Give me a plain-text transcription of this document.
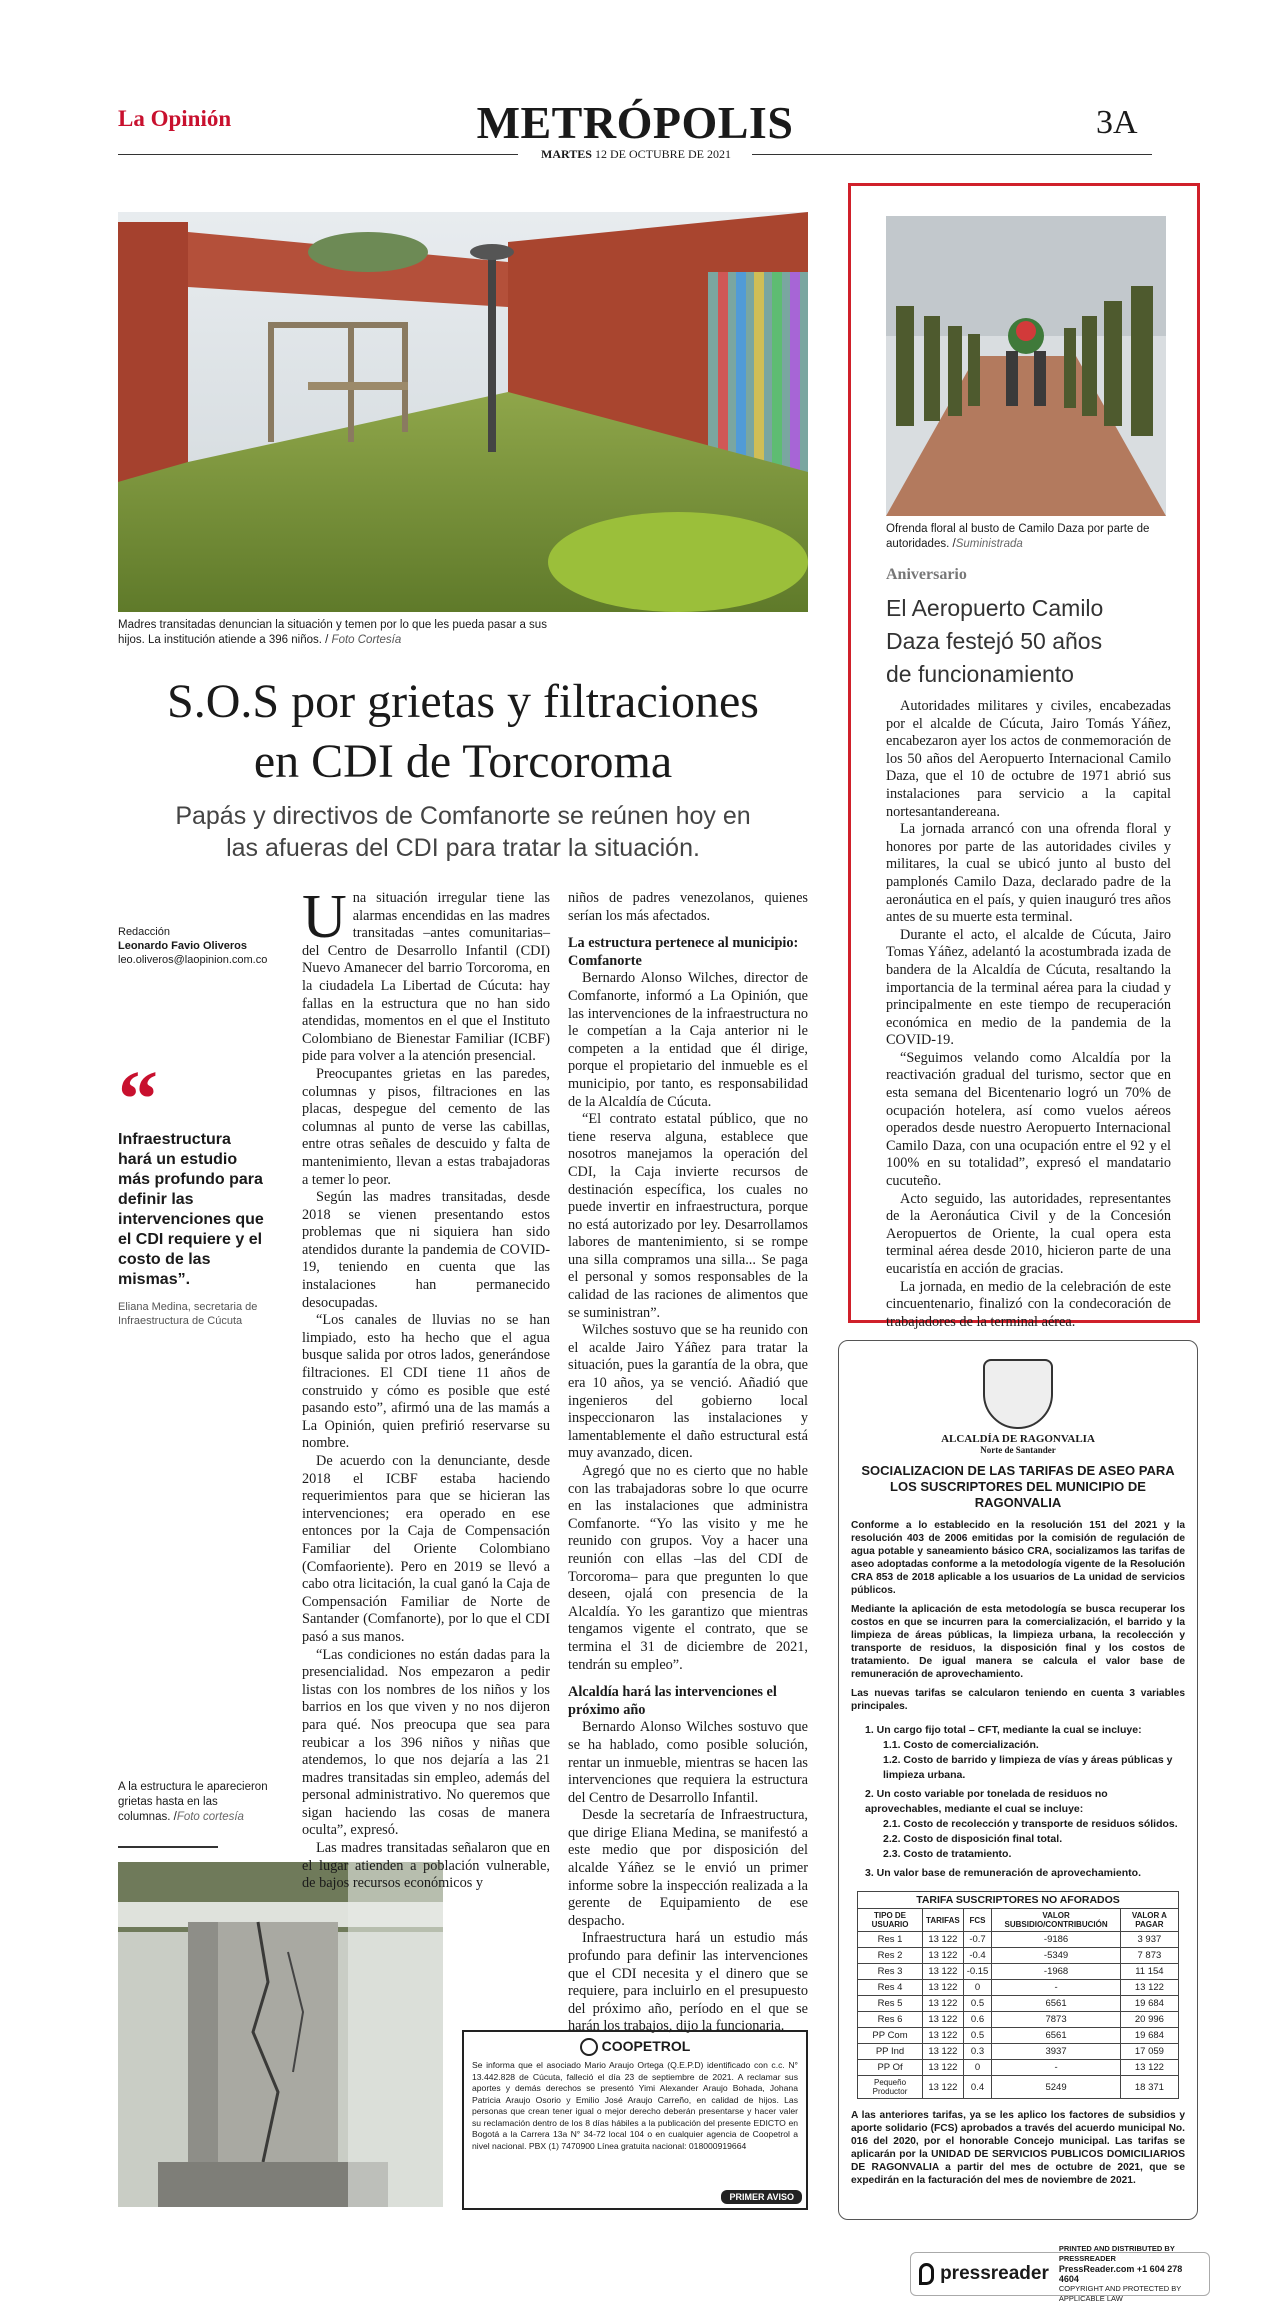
La Opinión	METRÓPOLIS
MARTES 12 DE OCTUBRE DE 2021
3A
Madres transitadas denuncian la situación y temen por lo que les pueda pasar a sus hijos. La institución atiende a 396 niños. / Foto Cortesía
S.O.S por grietas y filtraciones
en CDI de Torcoroma
Papás y directivos de Comfanorte se reúnen hoy en
las afueras del CDI para tratar la situación.
Redacción
Leonardo Favio Oliveros
leo.oliveros@laopinion.com.co
“
Infraestructura hará un estudio más profundo para definir las intervenciones que el CDI requiere y el costo de las mismas”.
Eliana Medina, secretaria de Infraestructura de Cúcuta
A la estructura le aparecieron grietas hasta en las columnas. /Foto cortesía

Una situación irregular tiene las alarmas encendidas en las madres transitadas –antes comunitarias– del Centro de Desarrollo Infantil (CDI) Nuevo Amanecer del barrio Torcoroma, en la ciudadela La Libertad de Cúcuta: hay fallas en la estructura que no han sido atendidas, momentos en el que el Instituto Colombiano de Bienestar Familiar (ICBF) pide para volver a la atención presencial.

Preocupantes grietas en las paredes, columnas y pisos, filtraciones en las placas, despegue del cemento de las columnas al punto de verse las cabillas, entre otras señales de descuido y falta de mantenimiento, llevan a estas trabajadoras a temer lo peor.

Según las madres transitadas, desde 2018 se vienen presentando estos problemas que ni siquiera han sido atendidos durante la pandemia de COVID-19, teniendo en cuenta que las instalaciones han permanecido desocupadas.

“Los canales de lluvias no se han limpiado, esto ha hecho que el agua busque salida por otros lados, generándose filtraciones. El CDI tiene 11 años de construido y cómo es posible que esté pasando esto”, afirmó una de las mamás a La Opinión, quien prefirió reservarse su nombre.

De acuerdo con la denunciante, desde 2018 el ICBF estaba haciendo requerimientos para que se hicieran las intervenciones; era operado en ese entonces por la Caja de Compensación Familiar del Oriente Colombiano (Comfaoriente). Pero en 2019 se llevó a cabo otra licitación, la cual ganó la Caja de Compensación Familiar de Norte de Santander (Comfanorte), por lo que el CDI pasó a sus manos.

“Las condiciones no están dadas para la presencialidad. Nos empezaron a pedir listas con los nombres de los niños y los barrios en los que viven y no nos dijeron para qué. Nos preocupa que sea para reubicar a los 396 niños y niñas que atendemos, lo que nos dejaría a las 21 madres transitadas sin empleo, además del personal administrativo. No queremos que sigan haciendo las cosas de manera oculta”, expresó.

Las madres transitadas señalaron que en el lugar atienden a población vulnerable, de bajos recursos económicos y

niños de padres venezolanos, quienes serían los más afectados.

La estructura pertenece al municipio: Comfanorte

Bernardo Alonso Wilches, director de Comfanorte, informó a La Opinión, que las intervenciones de la infraestructura no le competían a la Caja anterior ni le competen a la entidad que él dirige, porque el propietario del inmueble es el municipio, por tanto, es responsabilidad de la Alcaldía de Cúcuta.

“El contrato estatal público, que no tiene reserva alguna, establece que nosotros manejamos la operación del CDI, la Caja invierte recursos de destinación específica, los cuales no puede invertir en infraestructura, porque no está autorizado por ley. Desarrollamos labores de mantenimiento, si se rompe una silla compramos una silla... Se paga el personal y somos responsables de la calidad de las raciones de alimentos que se suministran”.

Wilches sostuvo que se ha reunido con el acalde Jairo Yáñez para tratar la situación, pues la garantía de la obra, que era 10 años, ya se venció. Añadió que ingenieros del gobierno local inspeccionaron las instalaciones y lamentablemente el daño estructural está muy avanzado, dicen.

Agregó que no es cierto que no hable con las trabajadoras sobre lo que ocurre en las instalaciones que administra Comfanorte. “Yo las visito y me he reunido con grupos. Voy a hacer una reunión con ellas –las del CDI de Torcoroma– para que pregunten lo que deseen, ojalá con presencia de la Alcaldía. Yo les garantizo que mientras tengamos vigente el contrato, que se termina el 31 de diciembre de 2021, tendrán su empleo”.

Alcaldía hará las intervenciones el próximo año

Bernardo Alonso Wilches sostuvo que se ha hablado, como posible solución, rentar un inmueble, mientras se hacen las intervenciones que requiera la estructura del Centro de Desarrollo Infantil.

Desde la secretaría de Infraestructura, que dirige Eliana Medina, se manifestó a este medio que por disposición del alcalde Yáñez se le envió un primer informe sobre la inspección realizada a la gerente de Equipamiento de ese despacho.

Infraestructura hará un estudio más profundo para definir las intervenciones que el CDI necesita y el dinero que se requiere, para incluirlo en el presupuesto del próximo año, período en el que se harán los trabajos, dijo la funcionaria.

COOPETROL
Se informa que el asociado Mario Araujo Ortega (Q.E.P.D) identificado con c.c. N° 13.442.828 de Cúcuta, falleció el día 23 de septiembre de 2021. A reclamar sus aportes y demás derechos se presentó Yimi Alexander Araujo Bohada, Johana Patricia Araujo Osorio y Emilio José Araujo Carreño, en calidad de hijos. Las personas que crean tener igual o mejor derecho deberán presentarse y hacer valer su reclamación dentro de los 8 días hábiles a la publicación del presente EDICTO en Bogotá a la Carrera 13a N° 34-72 local 104 o en cualquier agencia de Coopetrol a nivel nacional. PBX (1) 7470900 Línea gratuita nacional: 018000919664
PRIMER AVISO
Ofrenda floral al busto de Camilo Daza por parte de autoridades. /Suministrada
Aniversario
El Aeropuerto Camilo
Daza festejó 50 años
de funcionamiento

Autoridades militares y civiles, encabezadas por el alcalde de Cúcuta, Jairo Tomás Yáñez, encabezaron ayer los actos de conmemoración de los 50 años del Aeropuerto Internacional Camilo Daza, que el 10 de octubre de 1971 abrió sus instalaciones para servicio a la capital nortesantandereana.

La jornada arrancó con una ofrenda floral y honores por parte de las autoridades civiles y militares, la cual se ubicó junto al busto del pamplonés Camilo Daza, declarado padre de la aeronáutica en el país, y quien inauguró tres años antes de su muerte esta terminal.

Durante el acto, el alcalde de Cúcuta, Jairo Tomas Yáñez, adelantó la acostumbrada izada de bandera de la Alcaldía de Cúcuta, resaltando la importancia de la terminal aérea para la ciudad y principalmente en este tiempo de recuperación económica en medio de la pandemia de la COVID-19.

“Seguimos velando como Alcaldía por la reactivación gradual del turismo, sector que en esta semana del Bicentenario logró un 70% de ocupación hotelera, así como vuelos aéreos operados desde nuestro Aeropuerto Internacional Camilo Daza, con una ocupación entre el 92 y el 100% en su totalidad”, expresó el mandatario cucuteño.

Acto seguido, las autoridades, representantes de la Aeronáutica Civil y de la Concesión Aeropuertos de Oriente, la cual opera esta terminal aérea desde 2010, hicieron parte de una eucaristía en acción de gracias.

La jornada, en medio de la celebración de este cincuentenario, finalizó con la condecoración de trabajadores de la terminal aérea.

ALCALDÍA DE RAGONVALIA
Norte de Santander
SOCIALIZACION DE LAS TARIFAS DE ASEO PARA LOS SUSCRIPTORES DEL MUNICIPIO DE RAGONVALIA
Conforme a lo establecido en la resolución 151 del 2021 y la resolución 403 de 2006 emitidas por la comisión de regulación de agua potable y saneamiento básico CRA, socializamos las tarifas de aseo adoptadas conforme a la metodología vigente de la Resolución CRA 853 de 2018 aplicable a los usuarios de La unidad de servicios públicos.
Mediante la aplicación de esta metodología se busca recuperar los costos en que se incurren para la comercialización, el barrido y la limpieza de áreas públicas, la limpieza urbana, la recolección y transporte de residuos, la disposición final y los costos de tratamiento. De igual manera se calcula el valor base de remuneración de aprovechamiento.
Las nuevas tarifas se calcularon teniendo en cuenta 3 variables principales.
1. Un cargo fijo total – CFT, mediante la cual se incluye:
1.1. Costo de comercialización.
1.2. Costo de barrido y limpieza de vías y áreas públicas y limpieza urbana.
2. Un costo variable por tonelada de residuos no aprovechables, mediante el cual se incluye:
2.1. Costo de recolección y transporte de residuos sólidos.
2.2. Costo de disposición final total.
2.3. Costo de tratamiento.
3. Un valor base de remuneración de aprovechamiento.
TARIFA SUSCRIPTORES NO AFORADOS
TIPO DE USUARIO	TARIFAS	FCS	VALOR SUBSIDIO/CONTRIBUCIÓN	VALOR A PAGAR
Res 1	13 122	-0.7	-9186	3 937
Res 2	13 122	-0.4	-5349	7 873
Res 3	13 122	-0.15	-1968	11 154
Res 4	13 122	0	-	13 122
Res 5	13 122	0.5	6561	19 684
Res 6	13 122	0.6	7873	20 996
PP Com	13 122	0.5	6561	19 684
PP Ind	13 122	0.3	3937	17 059
PP Of	13 122	0	-	13 122
Pequeño Productor	13 122	0.4	5249	18 371
A las anteriores tarifas, ya se les aplico los factores de subsidios y aporte solidario (FCS) aprobados a través del acuerdo municipal No. 016 del 2020, por el honorable Concejo municipal. Las tarifas se aplicarán por la UNIDAD DE SERVICIOS PUBLICOS DOMICILIARIOS DE RAGONVALIA a partir del mes de octubre de 2021, que se expedirán en la facturación del mes de noviembre de 2021.
pressreader
PRINTED AND DISTRIBUTED BY PRESSREADER
PressReader.com +1 604 278 4604
COPYRIGHT AND PROTECTED BY APPLICABLE LAW
